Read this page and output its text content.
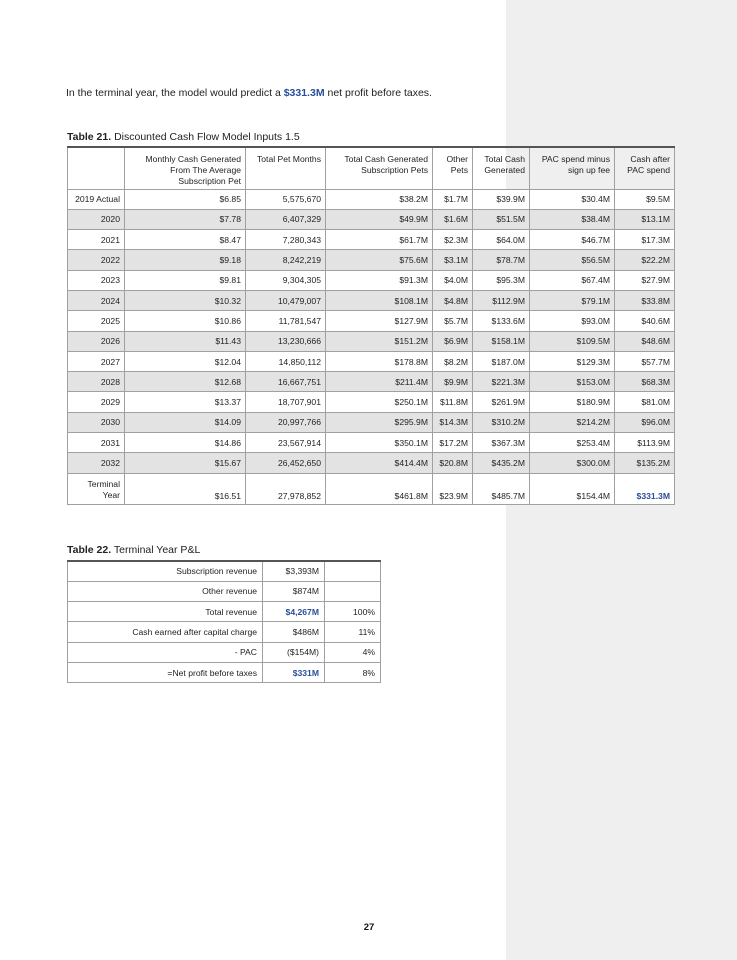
In the terminal year, the model would predict a $331.3M net profit before taxes.

Table 21. Discounted Cash Flow Model Inputs 1.5
	Monthly Cash Generated From The Average Subscription Pet	Total Pet Months	Total Cash Generated Subscription Pets	Other Pets	Total Cash Generated	PAC spend minus sign up fee	Cash after PAC spend
2019 Actual	$6.85	5,575,670	$38.2M	$1.7M	$39.9M	$30.4M	$9.5M
2020	$7.78	6,407,329	$49.9M	$1.6M	$51.5M	$38.4M	$13.1M
2021	$8.47	7,280,343	$61.7M	$2.3M	$64.0M	$46.7M	$17.3M
2022	$9.18	8,242,219	$75.6M	$3.1M	$78.7M	$56.5M	$22.2M
2023	$9.81	9,304,305	$91.3M	$4.0M	$95.3M	$67.4M	$27.9M
2024	$10.32	10,479,007	$108.1M	$4.8M	$112.9M	$79.1M	$33.8M
2025	$10.86	11,781,547	$127.9M	$5.7M	$133.6M	$93.0M	$40.6M
2026	$11.43	13,230,666	$151.2M	$6.9M	$158.1M	$109.5M	$48.6M
2027	$12.04	14,850,112	$178.8M	$8.2M	$187.0M	$129.3M	$57.7M
2028	$12.68	16,667,751	$211.4M	$9.9M	$221.3M	$153.0M	$68.3M
2029	$13.37	18,707,901	$250.1M	$11.8M	$261.9M	$180.9M	$81.0M
2030	$14.09	20,997,766	$295.9M	$14.3M	$310.2M	$214.2M	$96.0M
2031	$14.86	23,567,914	$350.1M	$17.2M	$367.3M	$253.4M	$113.9M
2032	$15.67	26,452,650	$414.4M	$20.8M	$435.2M	$300.0M	$135.2M
Terminal
Year	$16.51	27,978,852	$461.8M	$23.9M	$485.7M	$154.4M	$331.3M
Table 22. Terminal Year P&L
Subscription revenue	$3,393M	
Other revenue	$874M	
Total revenue	$4,267M	100%
Cash earned after capital charge	$486M	11%
- PAC	($154M)	4%
=Net profit before taxes	$331M	8%
27
